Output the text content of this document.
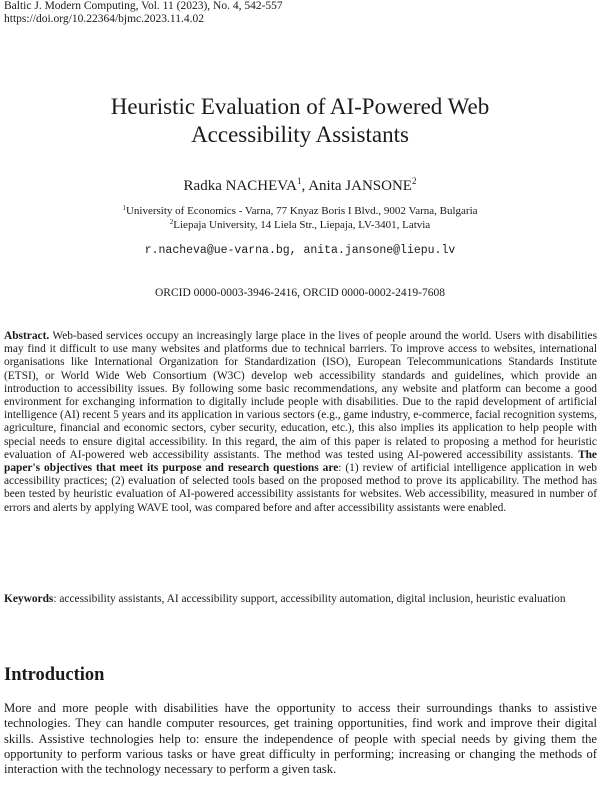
Baltic J. Modern Computing, Vol. 11 (2023), No. 4, 542-557
https://doi.org/10.22364/bjmc.2023.11.4.02
Heuristic Evaluation of AI-Powered Web
Accessibility Assistants
Radka NACHEVA$^1$, Anita JANSONE$^2$
$^1$University of Economics - Varna, 77 Knyaz Boris I Blvd., 9002 Varna, Bulgaria
$^2$Liepaja University, 14 Liela Str., Liepaja, LV-3401, Latvia
r.nacheva@ue-varna.bg, anita.jansone@liepu.lv
ORCID 0000-0003-3946-2416, ORCID 0000-0002-2419-7608

Abstract. Web-based services occupy an increasingly large place in the lives of people around the world. Users with disabilities may find it difficult to use many websites and platforms due to technical barriers. To improve access to websites, international organisations like International Organization for Standardization (ISO), European Telecommunications Standards Institute (ETSI), or World Wide Web Consortium (W3C) develop web accessibility standards and guidelines, which provide an introduction to accessibility issues. By following some basic recommendations, any website and platform can become a good environment for exchanging information to digitally include people with disabilities. Due to the rapid development of artificial intelligence (AI) recent 5 years and its application in various sectors (e.g., game industry, e-commerce, facial recognition systems, agriculture, financial and economic sectors, cyber security, education, etc.), this also implies its application to help people with special needs to ensure digital accessibility. In this regard, the aim of this paper is related to proposing a method for heuristic evaluation of AI-powered web accessibility assistants. The method was tested using AI-powered accessibility assistants. The paper's objectives that meet its purpose and research questions are: (1) review of artificial intelligence application in web accessibility practices; (2) evaluation of selected tools based on the proposed method to prove its applicability. The method has been tested by heuristic evaluation of AI-powered accessibility assistants for websites. Web accessibility, measured in number of errors and alerts by applying WAVE tool, was compared before and after accessibility assistants were enabled.

Keywords: accessibility assistants, AI accessibility support, accessibility automation, digital inclusion, heuristic evaluation

Introduction

More and more people with disabilities have the opportunity to access their surroundings thanks to assistive technologies. They can handle computer resources, get training opportunities, find work and improve their digital skills. Assistive technologies help to: ensure the independence of people with special needs by giving them the opportunity to perform various tasks or have great difficulty in performing; increasing or changing the methods of interaction with the technology necessary to perform a given task.
